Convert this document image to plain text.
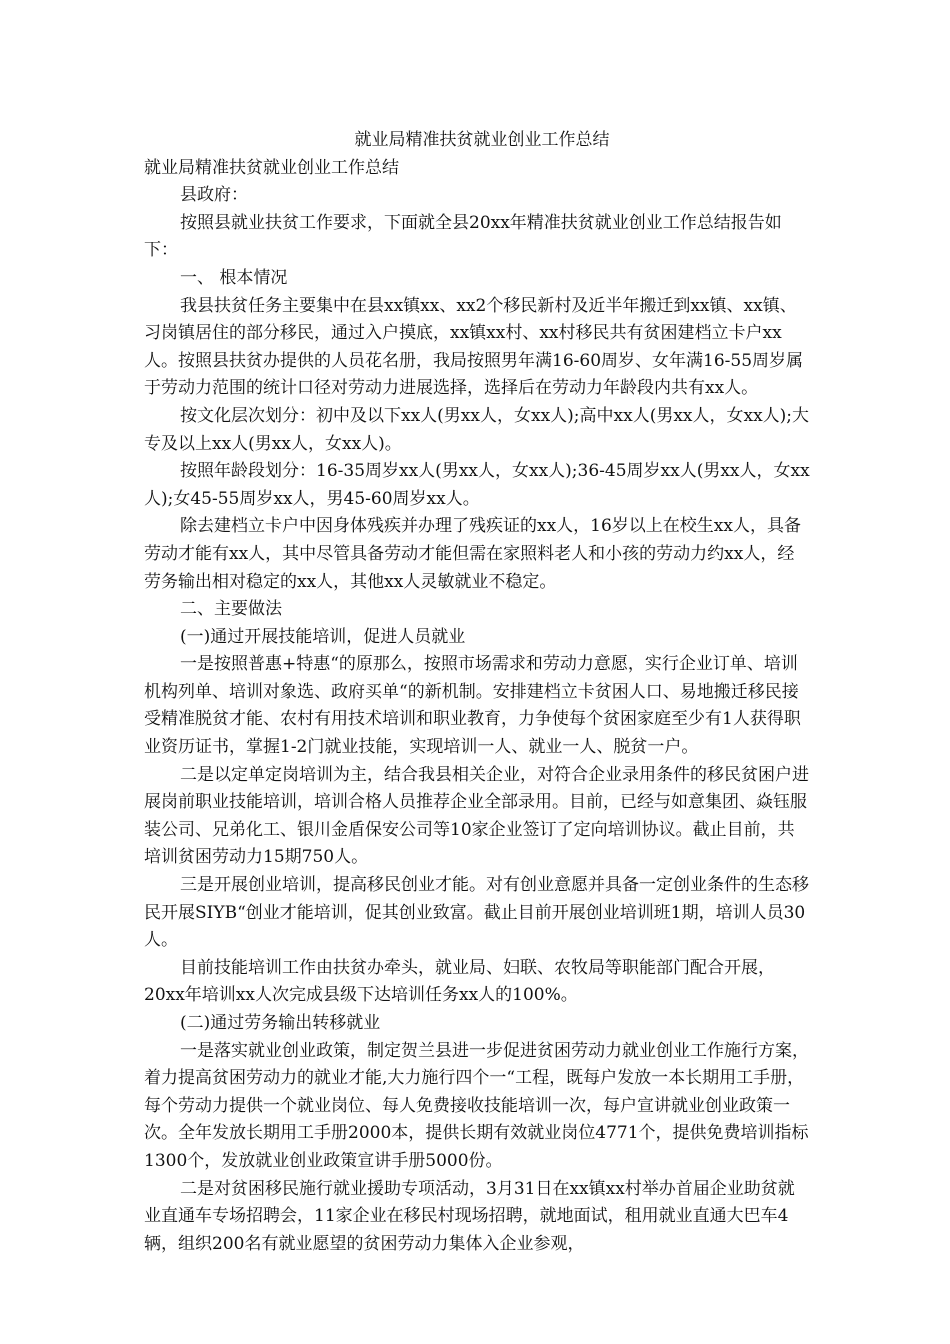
就业局精准扶贫就业创业工作总结

就业局精准扶贫就业创业工作总结

县政府：

按照县就业扶贫工作要求，下面就全县20xx年精准扶贫就业创业工作总结报告如下：

一、 根本情况

我县扶贫任务主要集中在县xx镇xx、xx2个移民新村及近半年搬迁到xx镇、xx镇、习岗镇居住的部分移民，通过入户摸底，xx镇xx村、xx村移民共有贫困建档立卡户xx人。按照县扶贫办提供的人员花名册，我局按照男年满16-60周岁、女年满16-55周岁属于劳动力范围的统计口径对劳动力进展选择，选择后在劳动力年龄段内共有xx人。

按文化层次划分：初中及以下xx人(男xx人，女xx人);高中xx人(男xx人，女xx人);大专及以上xx人(男xx人，女xx人)。

按照年龄段划分：16-35周岁xx人(男xx人，女xx人);36-45周岁xx人(男xx人，女xx人);女45-55周岁xx人，男45-60周岁xx人。

除去建档立卡户中因身体残疾并办理了残疾证的xx人，16岁以上在校生xx人，具备劳动才能有xx人，其中尽管具备劳动才能但需在家照料老人和小孩的劳动力约xx人，经劳务输出相对稳定的xx人，其他xx人灵敏就业不稳定。

二、主要做法

(一)通过开展技能培训，促进人员就业

一是按照普惠+特惠“的原那么，按照市场需求和劳动力意愿，实行企业订单、培训机构列单、培训对象选、政府买单“的新机制。安排建档立卡贫困人口、易地搬迁移民接受精准脱贫才能、农村有用技术培训和职业教育，力争使每个贫困家庭至少有1人获得职业资历证书，掌握1-2门就业技能，实现培训一人、就业一人、脱贫一户。

二是以定单定岗培训为主，结合我县相关企业，对符合企业录用条件的移民贫困户进展岗前职业技能培训，培训合格人员推荐企业全部录用。目前，已经与如意集团、焱钰服装公司、兄弟化工、银川金盾保安公司等10家企业签订了定向培训协议。截止目前，共培训贫困劳动力15期750人。

三是开展创业培训，提高移民创业才能。对有创业意愿并具备一定创业条件的生态移民开展SIYB“创业才能培训，促其创业致富。截止目前开展创业培训班1期，培训人员30人。

目前技能培训工作由扶贫办牵头，就业局、妇联、农牧局等职能部门配合开展，20xx年培训xx人次完成县级下达培训任务xx人的100%。

(二)通过劳务输出转移就业

一是落实就业创业政策，制定贺兰县进一步促进贫困劳动力就业创业工作施行方案，着力提高贫困劳动力的就业才能,大力施行四个一“工程，既每户发放一本长期用工手册，每个劳动力提供一个就业岗位、每人免费接收技能培训一次，每户宣讲就业创业政策一次。全年发放长期用工手册2000本，提供长期有效就业岗位4771个，提供免费培训指标1300个，发放就业创业政策宣讲手册5000份。

二是对贫困移民施行就业援助专项活动，3月31日在xx镇xx村举办首届企业助贫就业直通车专场招聘会，11家企业在移民村现场招聘，就地面试，租用就业直通大巴车4辆，组织200名有就业愿望的贫困劳动力集体入企业参观，
